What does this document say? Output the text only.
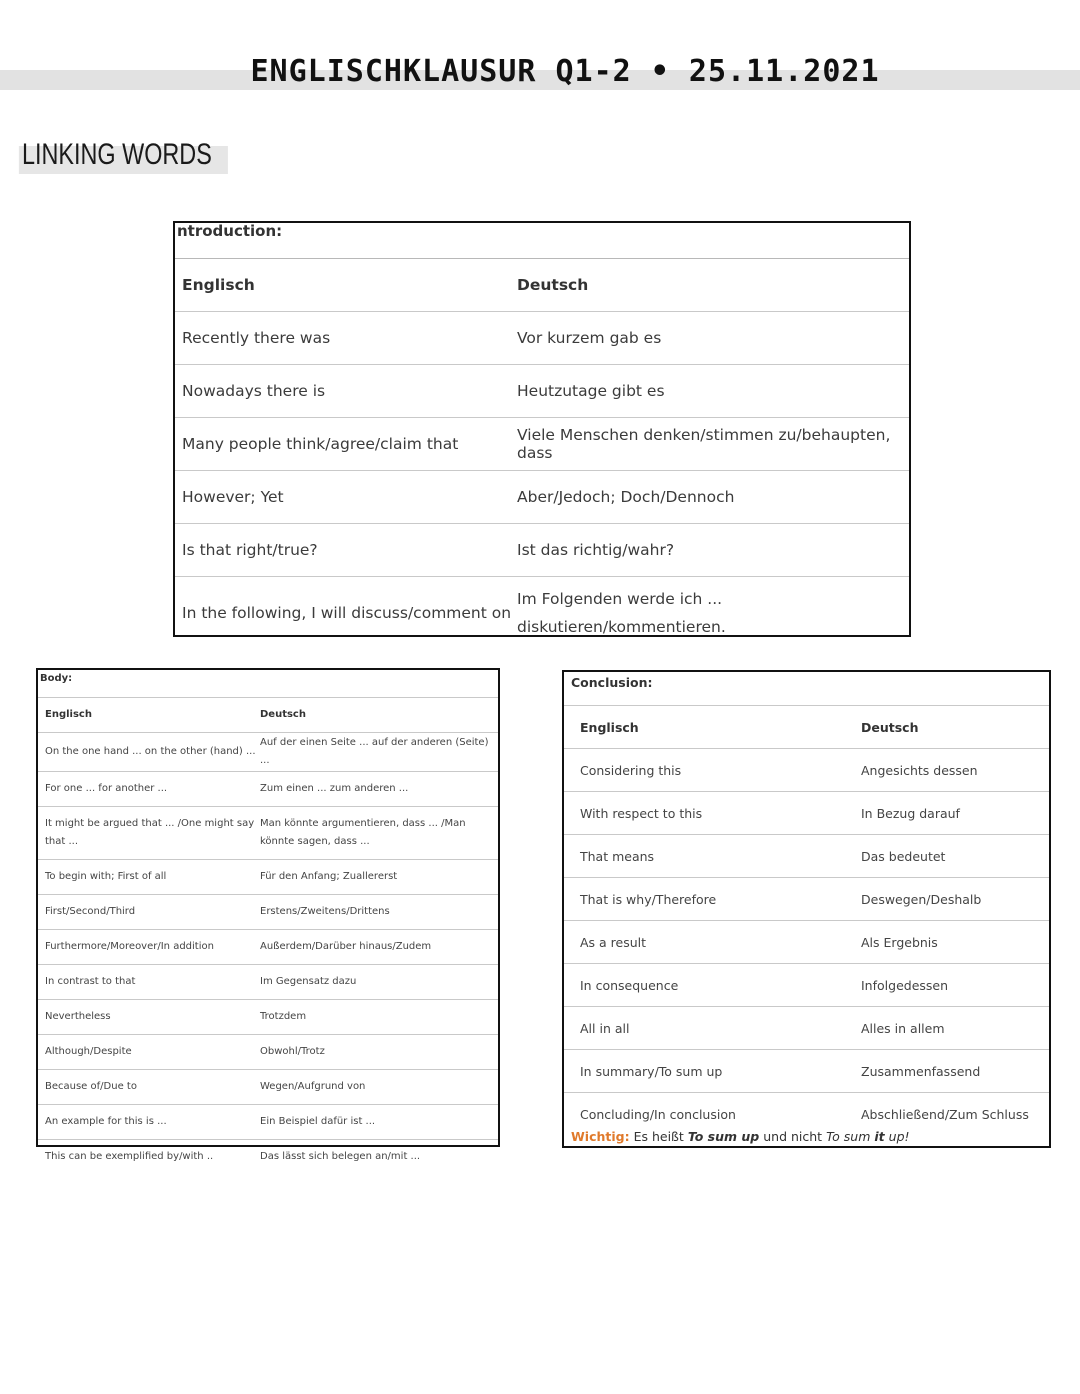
ENGLISCHKLAUSUR Q1-2 • 25.11.2021
LINKING WORDS
ntroduction:
Englisch	Deutsch
Recently there was	Vor kurzem gab es
Nowadays there is	Heutzutage gibt es
Many people think/agree/claim that	Viele Menschen denken/stimmen zu/behaupten, dass
However; Yet	Aber/Jedoch; Doch/Dennoch
Is that right/true?	Ist das richtig/wahr?
In the following, I will discuss/comment on	Im Folgenden werde ich ... diskutieren/kommentieren.
Body:
Englisch	Deutsch
On the one hand ... on the other (hand) ...	Auf der einen Seite ... auf der anderen (Seite) ...
For one ... for another ...	Zum einen ... zum anderen ...
It might be argued that ... /One might say that ...	Man könnte argumentieren, dass ... /Man könnte sagen, dass ...
To begin with; First of all	Für den Anfang; Zuallererst
First/Second/Third	Erstens/Zweitens/Drittens
Furthermore/Moreover/In addition	Außerdem/Darüber hinaus/Zudem
In contrast to that	Im Gegensatz dazu
Nevertheless	Trotzdem
Although/Despite	Obwohl/Trotz
Because of/Due to	Wegen/Aufgrund von
An example for this is ...	Ein Beispiel dafür ist ...
This can be exemplified by/with ..	Das lässt sich belegen an/mit ...
Conclusion:
Englisch	Deutsch
Considering this	Angesichts dessen
With respect to this	In Bezug darauf
That means	Das bedeutet
That is why/Therefore	Deswegen/Deshalb
As a result	Als Ergebnis
In consequence	Infolgedessen
All in all	Alles in allem
In summary/To sum up	Zusammenfassend
Concluding/In conclusion	Abschließend/Zum Schluss
Wichtig: Es heißt To sum up und nicht To sum it up!
